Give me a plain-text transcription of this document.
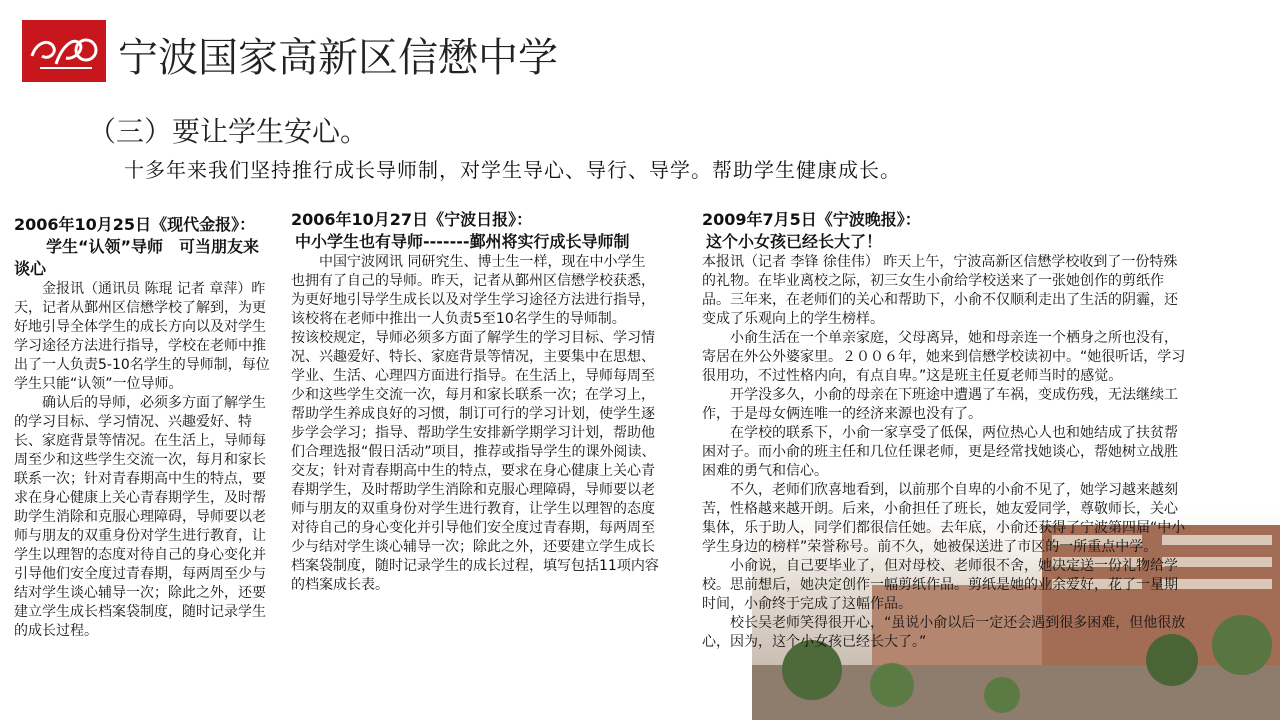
宁波国家高新区信懋中学
（三）要让学生安心。
十多年来我们坚持推行成长导师制，对学生导心、导行、导学。帮助学生健康成长。
2006年10月25日《现代金报》：
学生“认领”导师　可当朋友来谈心

金报讯（通讯员 陈琨 记者 章萍）昨天，记者从鄞州区信懋学校了解到，为更好地引导全体学生的成长方向以及对学生学习途径方法进行指导，学校在老师中推出了一人负责5-10名学生的导师制，每位学生只能“认领”一位导师。

确认后的导师，必须多方面了解学生的学习目标、学习情况、兴趣爱好、特长、家庭背景等情况。在生活上，导师每周至少和这些学生交流一次，每月和家长联系一次；针对青春期高中生的特点，要求在身心健康上关心青春期学生，及时帮助学生消除和克服心理障碍，导师要以老师与朋友的双重身份对学生进行教育，让学生以理智的态度对待自己的身心变化并引导他们安全度过青春期，每两周至少与结对学生谈心辅导一次；除此之外，还要建立学生成长档案袋制度，随时记录学生的成长过程。

2006年10月27日《宁波日报》：
中小学生也有导师-------鄞州将实行成长导师制

中国宁波网讯 同研究生、博士生一样，现在中小学生也拥有了自己的导师。昨天，记者从鄞州区信懋学校获悉，为更好地引导学生成长以及对学生学习途径方法进行指导，该校将在老师中推出一人负责5至10名学生的导师制。

按该校规定，导师必须多方面了解学生的学习目标、学习情况、兴趣爱好、特长、家庭背景等情况，主要集中在思想、学业、生活、心理四方面进行指导。在生活上，导师每周至少和这些学生交流一次，每月和家长联系一次；在学习上，帮助学生养成良好的习惯，制订可行的学习计划，使学生逐步学会学习；指导、帮助学生安排新学期学习计划，帮助他们合理选报“假日活动”项目，推荐或指导学生的课外阅读、交友；针对青春期高中生的特点，要求在身心健康上关心青春期学生，及时帮助学生消除和克服心理障碍，导师要以老师与朋友的双重身份对学生进行教育，让学生以理智的态度对待自己的身心变化并引导他们安全度过青春期，每两周至少与结对学生谈心辅导一次；除此之外，还要建立学生成长档案袋制度，随时记录学生的成长过程，填写包括11项内容的档案成长表。

2009年7月5日《宁波晚报》：
这个小女孩已经长大了！

本报讯（记者 李锋 徐佳伟） 昨天上午，宁波高新区信懋学校收到了一份特殊的礼物。在毕业离校之际，初三女生小俞给学校送来了一张她创作的剪纸作品。三年来，在老师们的关心和帮助下，小俞不仅顺利走出了生活的阴霾，还变成了乐观向上的学生榜样。

小俞生活在一个单亲家庭，父母离异，她和母亲连一个栖身之所也没有，寄居在外公外婆家里。２００６年，她来到信懋学校读初中。“她很听话，学习很用功，不过性格内向，有点自卑。”这是班主任夏老师当时的感觉。

开学没多久，小俞的母亲在下班途中遭遇了车祸，变成伤残，无法继续工作，于是母女俩连唯一的经济来源也没有了。

在学校的联系下，小俞一家享受了低保，两位热心人也和她结成了扶贫帮困对子。而小俞的班主任和几位任课老师，更是经常找她谈心，帮她树立战胜困难的勇气和信心。

不久，老师们欣喜地看到，以前那个自卑的小俞不见了，她学习越来越刻苦，性格越来越开朗。后来，小俞担任了班长，她友爱同学，尊敬师长，关心集体，乐于助人，同学们都很信任她。去年底，小俞还获得了宁波第四届“中小学生身边的榜样”荣誉称号。前不久，她被保送进了市区的一所重点中学。

小俞说，自己要毕业了，但对母校、老师很不舍，她决定送一份礼物给学校。思前想后，她决定创作一幅剪纸作品。剪纸是她的业余爱好，花了一星期时间，小俞终于完成了这幅作品。

校长吴老师笑得很开心，“虽说小俞以后一定还会遇到很多困难，但他很放心，因为，这个小女孩已经长大了。”
